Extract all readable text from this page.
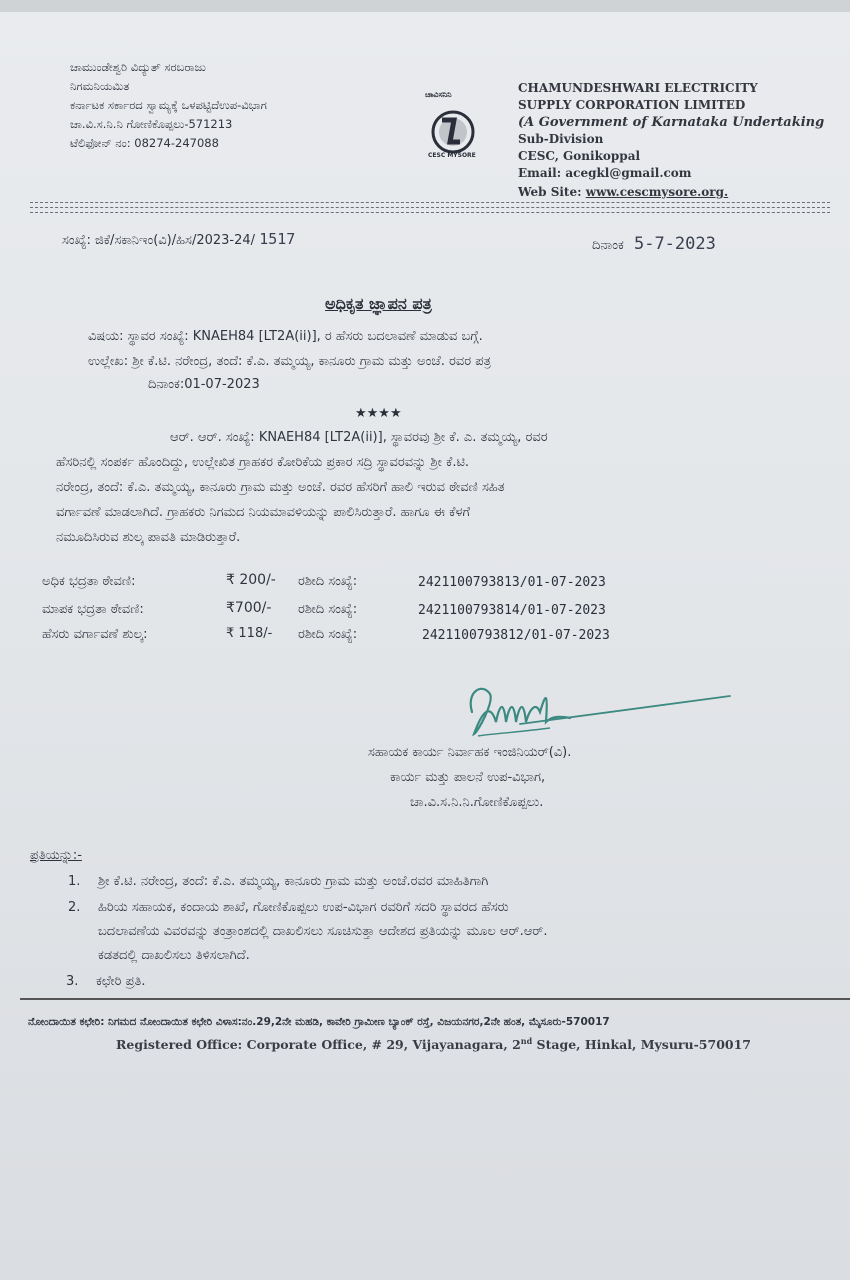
ಚಾಮುಂಡೇಶ್ವರಿ ವಿದ್ಯುತ್ ಸರಬರಾಜು
ನಿಗಮನಿಯಮಿತ
ಕರ್ನಾಟಕ ಸರ್ಕಾರದ ಸ್ವಾಮ್ಯಕ್ಕೆ ಒಳಪಟ್ಟಿದೆಉಪ-ವಿಭಾಗ
ಚಾ.ವಿ.ಸ.ನಿ.ನಿ ಗೋಣಿಕೊಪ್ಪಲು-571213
ಟೆಲಿಫೋನ್ ನಂ: 08274-247088
ಚಾವಿಸನಿನಿ
CESC MYSORE
CHAMUNDESHWARI ELECTRICITY
SUPPLY CORPORATION LIMITED
(A Government of Karnataka Undertaking
Sub-Division
CESC, Gonikoppal
Email: acegkl@gmail.com
Web Site: www.cescmysore.org.
ಸಂಖ್ಯೆ: ಜಿಕೆ/ಸಕಾನಿಇಂ(ವಿ)/ಹಿಸ/2023-24/ 1517	ದಿನಾಂಕ 5-7-2023
ಅಧಿಕೃತ ಜ್ಞಾಪನ ಪತ್ರ
ವಿಷಯ: ಸ್ಥಾವರ ಸಂಖ್ಯೆ: KNAEH84 [LT2A(ii)], ರ ಹೆಸರು ಬದಲಾವಣೆ ಮಾಡುವ ಬಗ್ಗೆ.
ಉಲ್ಲೇಖ: ಶ್ರೀ ಕೆ.ಟಿ. ನರೇಂದ್ರ, ತಂದೆ: ಕೆ.ಎ. ತಮ್ಮಯ್ಯ, ಕಾನೂರು ಗ್ರಾಮ ಮತ್ತು ಅಂಚೆ. ರವರ ಪತ್ರ
ದಿನಾಂಕ:01-07-2023
★★★★
ಆರ್. ಆರ್. ಸಂಖ್ಯೆ: KNAEH84 [LT2A(ii)], ಸ್ಥಾವರವು ಶ್ರೀ ಕೆ. ಎ. ತಮ್ಮಯ್ಯ, ರವರ
ಹೆಸರಿನಲ್ಲಿ ಸಂಪರ್ಕ ಹೊಂದಿದ್ದು, ಉಲ್ಲೇಖಿತ ಗ್ರಾಹಕರ ಕೋರಿಕೆಯ ಪ್ರಕಾರ ಸದ್ರಿ ಸ್ಥಾವರವನ್ನು ಶ್ರೀ ಕೆ.ಟಿ.
ನರೇಂದ್ರ, ತಂದೆ: ಕೆ.ಎ. ತಮ್ಮಯ್ಯ, ಕಾನೂರು ಗ್ರಾಮ ಮತ್ತು ಅಂಚೆ. ರವರ ಹೆಸರಿಗೆ ಹಾಲಿ ಇರುವ ಠೇವಣಿ ಸಹಿತ
ವರ್ಗಾವಣೆ ಮಾಡಲಾಗಿದೆ. ಗ್ರಾಹಕರು ನಿಗಮದ ನಿಯಮಾವಳಿಯನ್ನು ಪಾಲಿಸಿರುತ್ತಾರೆ. ಹಾಗೂ ಈ ಕೆಳಗೆ
ನಮೂದಿಸಿರುವ ಶುಲ್ಕ ಪಾವತಿ ಮಾಡಿರುತ್ತಾರೆ.
ಅಧಿಕ ಭದ್ರತಾ ಠೇವಣಿ:	₹ 200/- ರಶೀದಿ ಸಂಖ್ಯೆ:	2421100793813/01-07-2023
ಮಾಪಕ ಭದ್ರತಾ ಠೇವಣಿ:	₹700/- ರಶೀದಿ ಸಂಖ್ಯೆ:	2421100793814/01-07-2023
ಹೆಸರು ವರ್ಗಾವಣೆ ಶುಲ್ಕ:	₹ 118/- ರಶೀದಿ ಸಂಖ್ಯೆ:	2421100793812/01-07-2023
ಸಹಾಯಕ ಕಾರ್ಯ ನಿರ್ವಾಹಕ ಇಂಜಿನಿಯರ್(ವಿ).
ಕಾರ್ಯ ಮತ್ತು ಪಾಲನೆ ಉಪ-ವಿಭಾಗ,
ಚಾ.ವಿ.ಸ.ನಿ.ನಿ.ಗೋಣಿಕೊಪ್ಪಲು.
ಪ್ರತಿಯನ್ನು:-
1. ಶ್ರೀ ಕೆ.ಟಿ. ನರೇಂದ್ರ, ತಂದೆ: ಕೆ.ಎ. ತಮ್ಮಯ್ಯ, ಕಾನೂರು ಗ್ರಾಮ ಮತ್ತು ಅಂಚೆ.ರವರ ಮಾಹಿತಿಗಾಗಿ
2. ಹಿರಿಯ ಸಹಾಯಕ, ಕಂದಾಯ ಶಾಖೆ, ಗೋಣಿಕೊಪ್ಪಲು ಉಪ-ವಿಭಾಗ ರವರಿಗೆ ಸದರಿ ಸ್ಥಾವರದ ಹೆಸರು
ಬದಲಾವಣೆಯ ವಿವರವನ್ನು ತಂತ್ರಾಂಶದಲ್ಲಿ ದಾಖಲಿಸಲು ಸೂಚಿಸುತ್ತಾ ಆದೇಶದ ಪ್ರತಿಯನ್ನು ಮೂಲ ಆರ್.ಆರ್.
ಕಡತದಲ್ಲಿ ದಾಖಲಿಸಲು ತಿಳಿಸಲಾಗಿದೆ.
3. ಕಛೇರಿ ಪ್ರತಿ.
ನೋಂದಾಯಿತ ಕಛೇರಿ: ನಿಗಮದ ನೋಂದಾಯಿತ ಕಛೇರಿ ವಿಳಾಸ:ನಂ.29,2ನೇ ಮಹಡಿ, ಕಾವೇರಿ ಗ್ರಾಮೀಣ ಬ್ಯಾಂಕ್ ರಸ್ತೆ, ವಿಜಯನಗರ,2ನೇ ಹಂತ, ಮೈಸೂರು-570017
Registered Office: Corporate Office, # 29, Vijayanagara, 2nd Stage, Hinkal, Mysuru-570017
